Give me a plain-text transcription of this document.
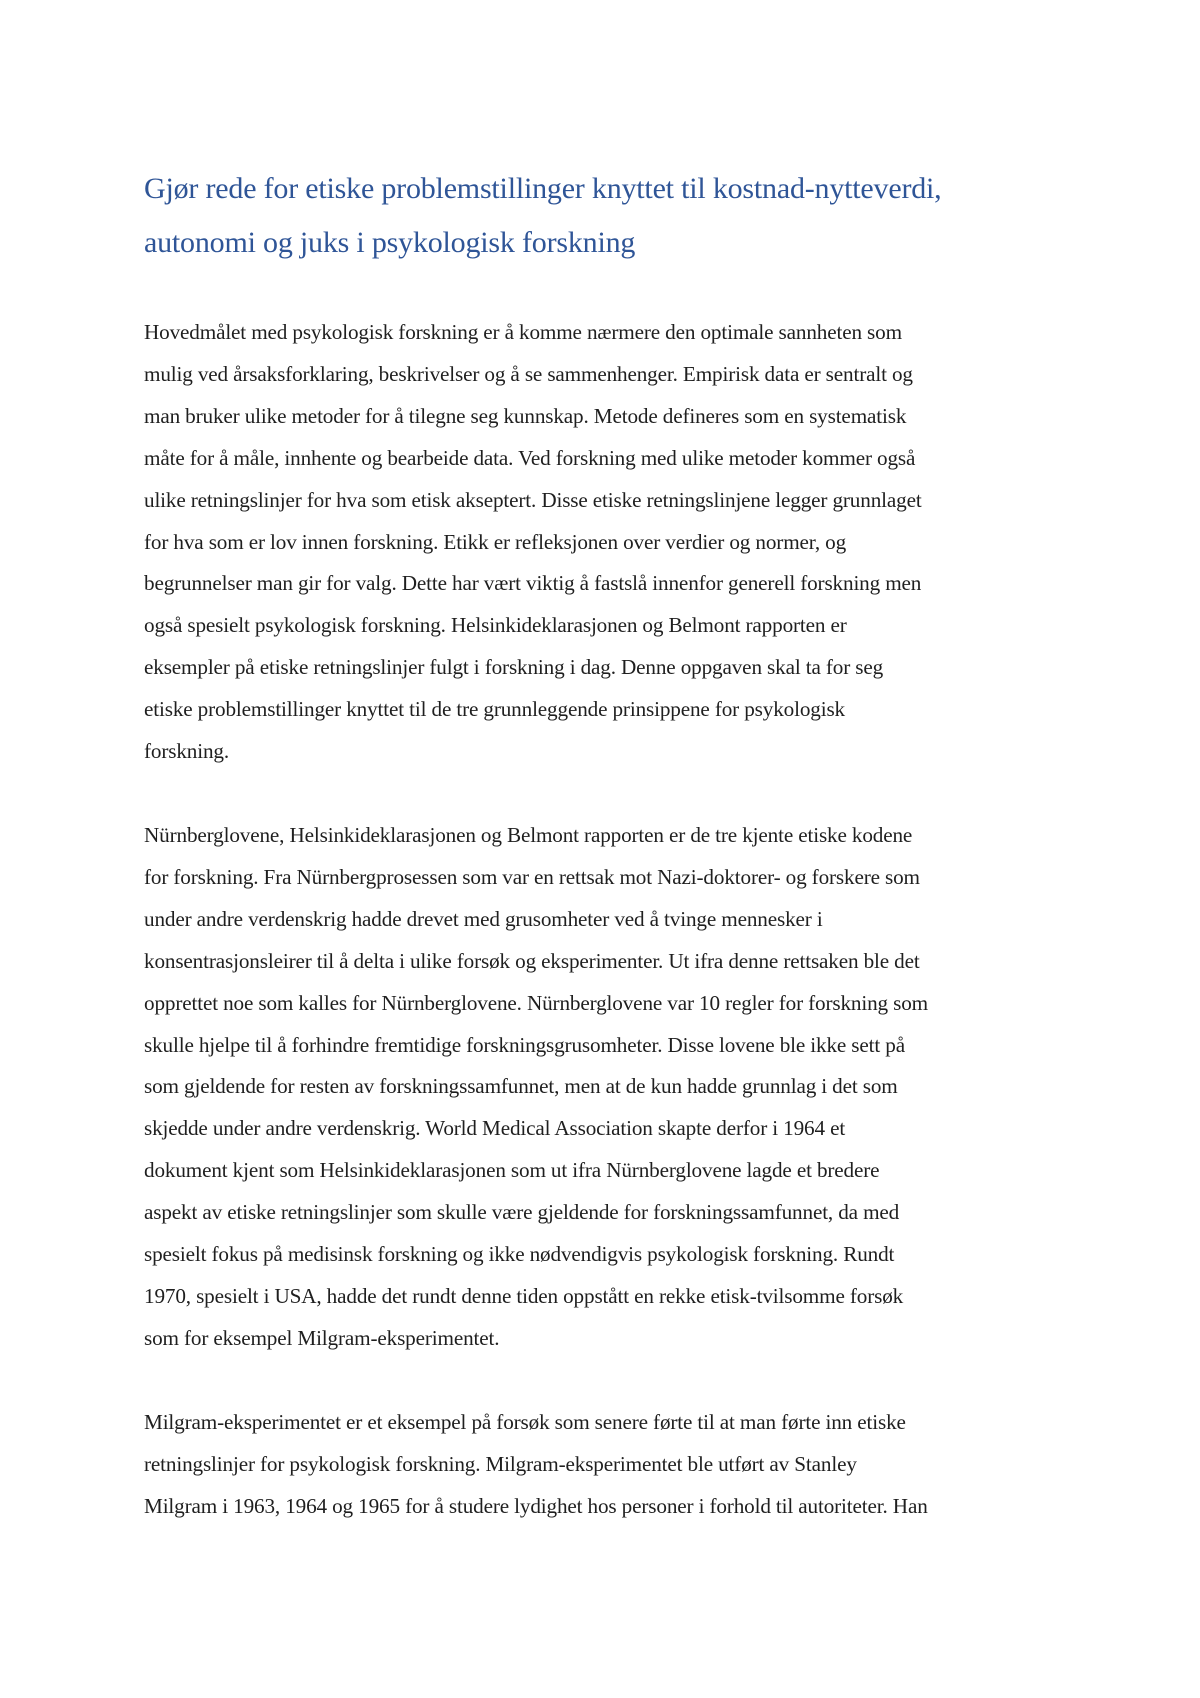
Gjør rede for etiske problemstillinger knyttet til kostnad-nytteverdi,
autonomi og juks i psykologisk forskning

Hovedmålet med psykologisk forskning er å komme nærmere den optimale sannheten som
mulig ved årsaksforklaring, beskrivelser og å se sammenhenger. Empirisk data er sentralt og
man bruker ulike metoder for å tilegne seg kunnskap. Metode defineres som en systematisk
måte for å måle, innhente og bearbeide data. Ved forskning med ulike metoder kommer også
ulike retningslinjer for hva som etisk akseptert. Disse etiske retningslinjene legger grunnlaget
for hva som er lov innen forskning. Etikk er refleksjonen over verdier og normer, og
begrunnelser man gir for valg. Dette har vært viktig å fastslå innenfor generell forskning men
også spesielt psykologisk forskning. Helsinkideklarasjonen og Belmont rapporten er
eksempler på etiske retningslinjer fulgt i forskning i dag. Denne oppgaven skal ta for seg
etiske problemstillinger knyttet til de tre grunnleggende prinsippene for psykologisk
forskning.

Nürnberglovene, Helsinkideklarasjonen og Belmont rapporten er de tre kjente etiske kodene
for forskning. Fra Nürnbergprosessen som var en rettsak mot Nazi-doktorer- og forskere som
under andre verdenskrig hadde drevet med grusomheter ved å tvinge mennesker i
konsentrasjonsleirer til å delta i ulike forsøk og eksperimenter. Ut ifra denne rettsaken ble det
opprettet noe som kalles for Nürnberglovene. Nürnberglovene var 10 regler for forskning som
skulle hjelpe til å forhindre fremtidige forskningsgrusomheter. Disse lovene ble ikke sett på
som gjeldende for resten av forskningssamfunnet, men at de kun hadde grunnlag i det som
skjedde under andre verdenskrig. World Medical Association skapte derfor i 1964 et
dokument kjent som Helsinkideklarasjonen som ut ifra Nürnberglovene lagde et bredere
aspekt av etiske retningslinjer som skulle være gjeldende for forskningssamfunnet, da med
spesielt fokus på medisinsk forskning og ikke nødvendigvis psykologisk forskning. Rundt
1970, spesielt i USA, hadde det rundt denne tiden oppstått en rekke etisk-tvilsomme forsøk
som for eksempel Milgram-eksperimentet.

Milgram-eksperimentet er et eksempel på forsøk som senere førte til at man førte inn etiske
retningslinjer for psykologisk forskning. Milgram-eksperimentet ble utført av Stanley
Milgram i 1963, 1964 og 1965 for å studere lydighet hos personer i forhold til autoriteter. Han
